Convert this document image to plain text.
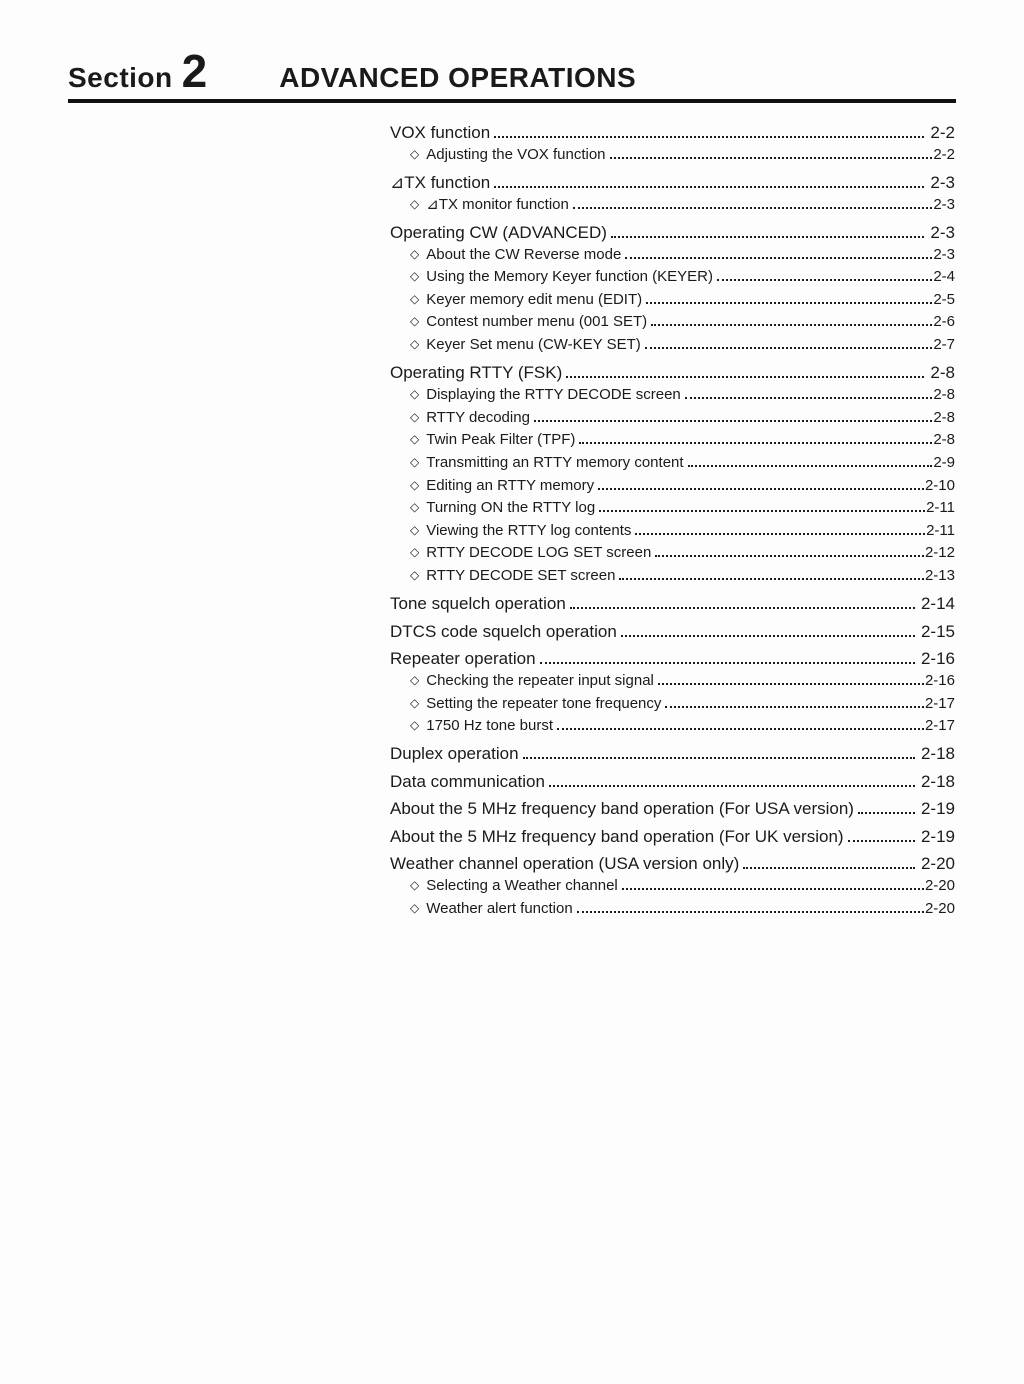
Section 2	ADVANCED OPERATIONS
VOX function	2-2
◇ Adjusting the VOX function	2-2
⊿TX function	2-3
◇ ⊿TX monitor function	2-3
Operating CW (ADVANCED)	2-3
◇ About the CW Reverse mode	2-3
◇ Using the Memory Keyer function (KEYER)	2-4
◇ Keyer memory edit menu (EDIT)	2-5
◇ Contest number menu (001 SET)	2-6
◇ Keyer Set menu (CW-KEY SET)	2-7
Operating RTTY (FSK)	2-8
◇ Displaying the RTTY DECODE screen	2-8
◇ RTTY decoding	2-8
◇ Twin Peak Filter (TPF)	2-8
◇ Transmitting an RTTY memory content	2-9
◇ Editing an RTTY memory	2-10
◇ Turning ON the RTTY log	2-11
◇ Viewing the RTTY log contents	2-11
◇ RTTY DECODE LOG SET screen	2-12
◇ RTTY DECODE SET screen	2-13
Tone squelch operation	2-14
DTCS code squelch operation	2-15
Repeater operation	2-16
◇ Checking the repeater input signal	2-16
◇ Setting the repeater tone frequency	2-17
◇ 1750 Hz tone burst	2-17
Duplex operation	2-18
Data communication	2-18
About the 5 MHz frequency band operation (For USA version)	2-19
About the 5 MHz frequency band operation (For UK version)	2-19
Weather channel operation (USA version only)	2-20
◇ Selecting a Weather channel	2-20
◇ Weather alert function	2-20
